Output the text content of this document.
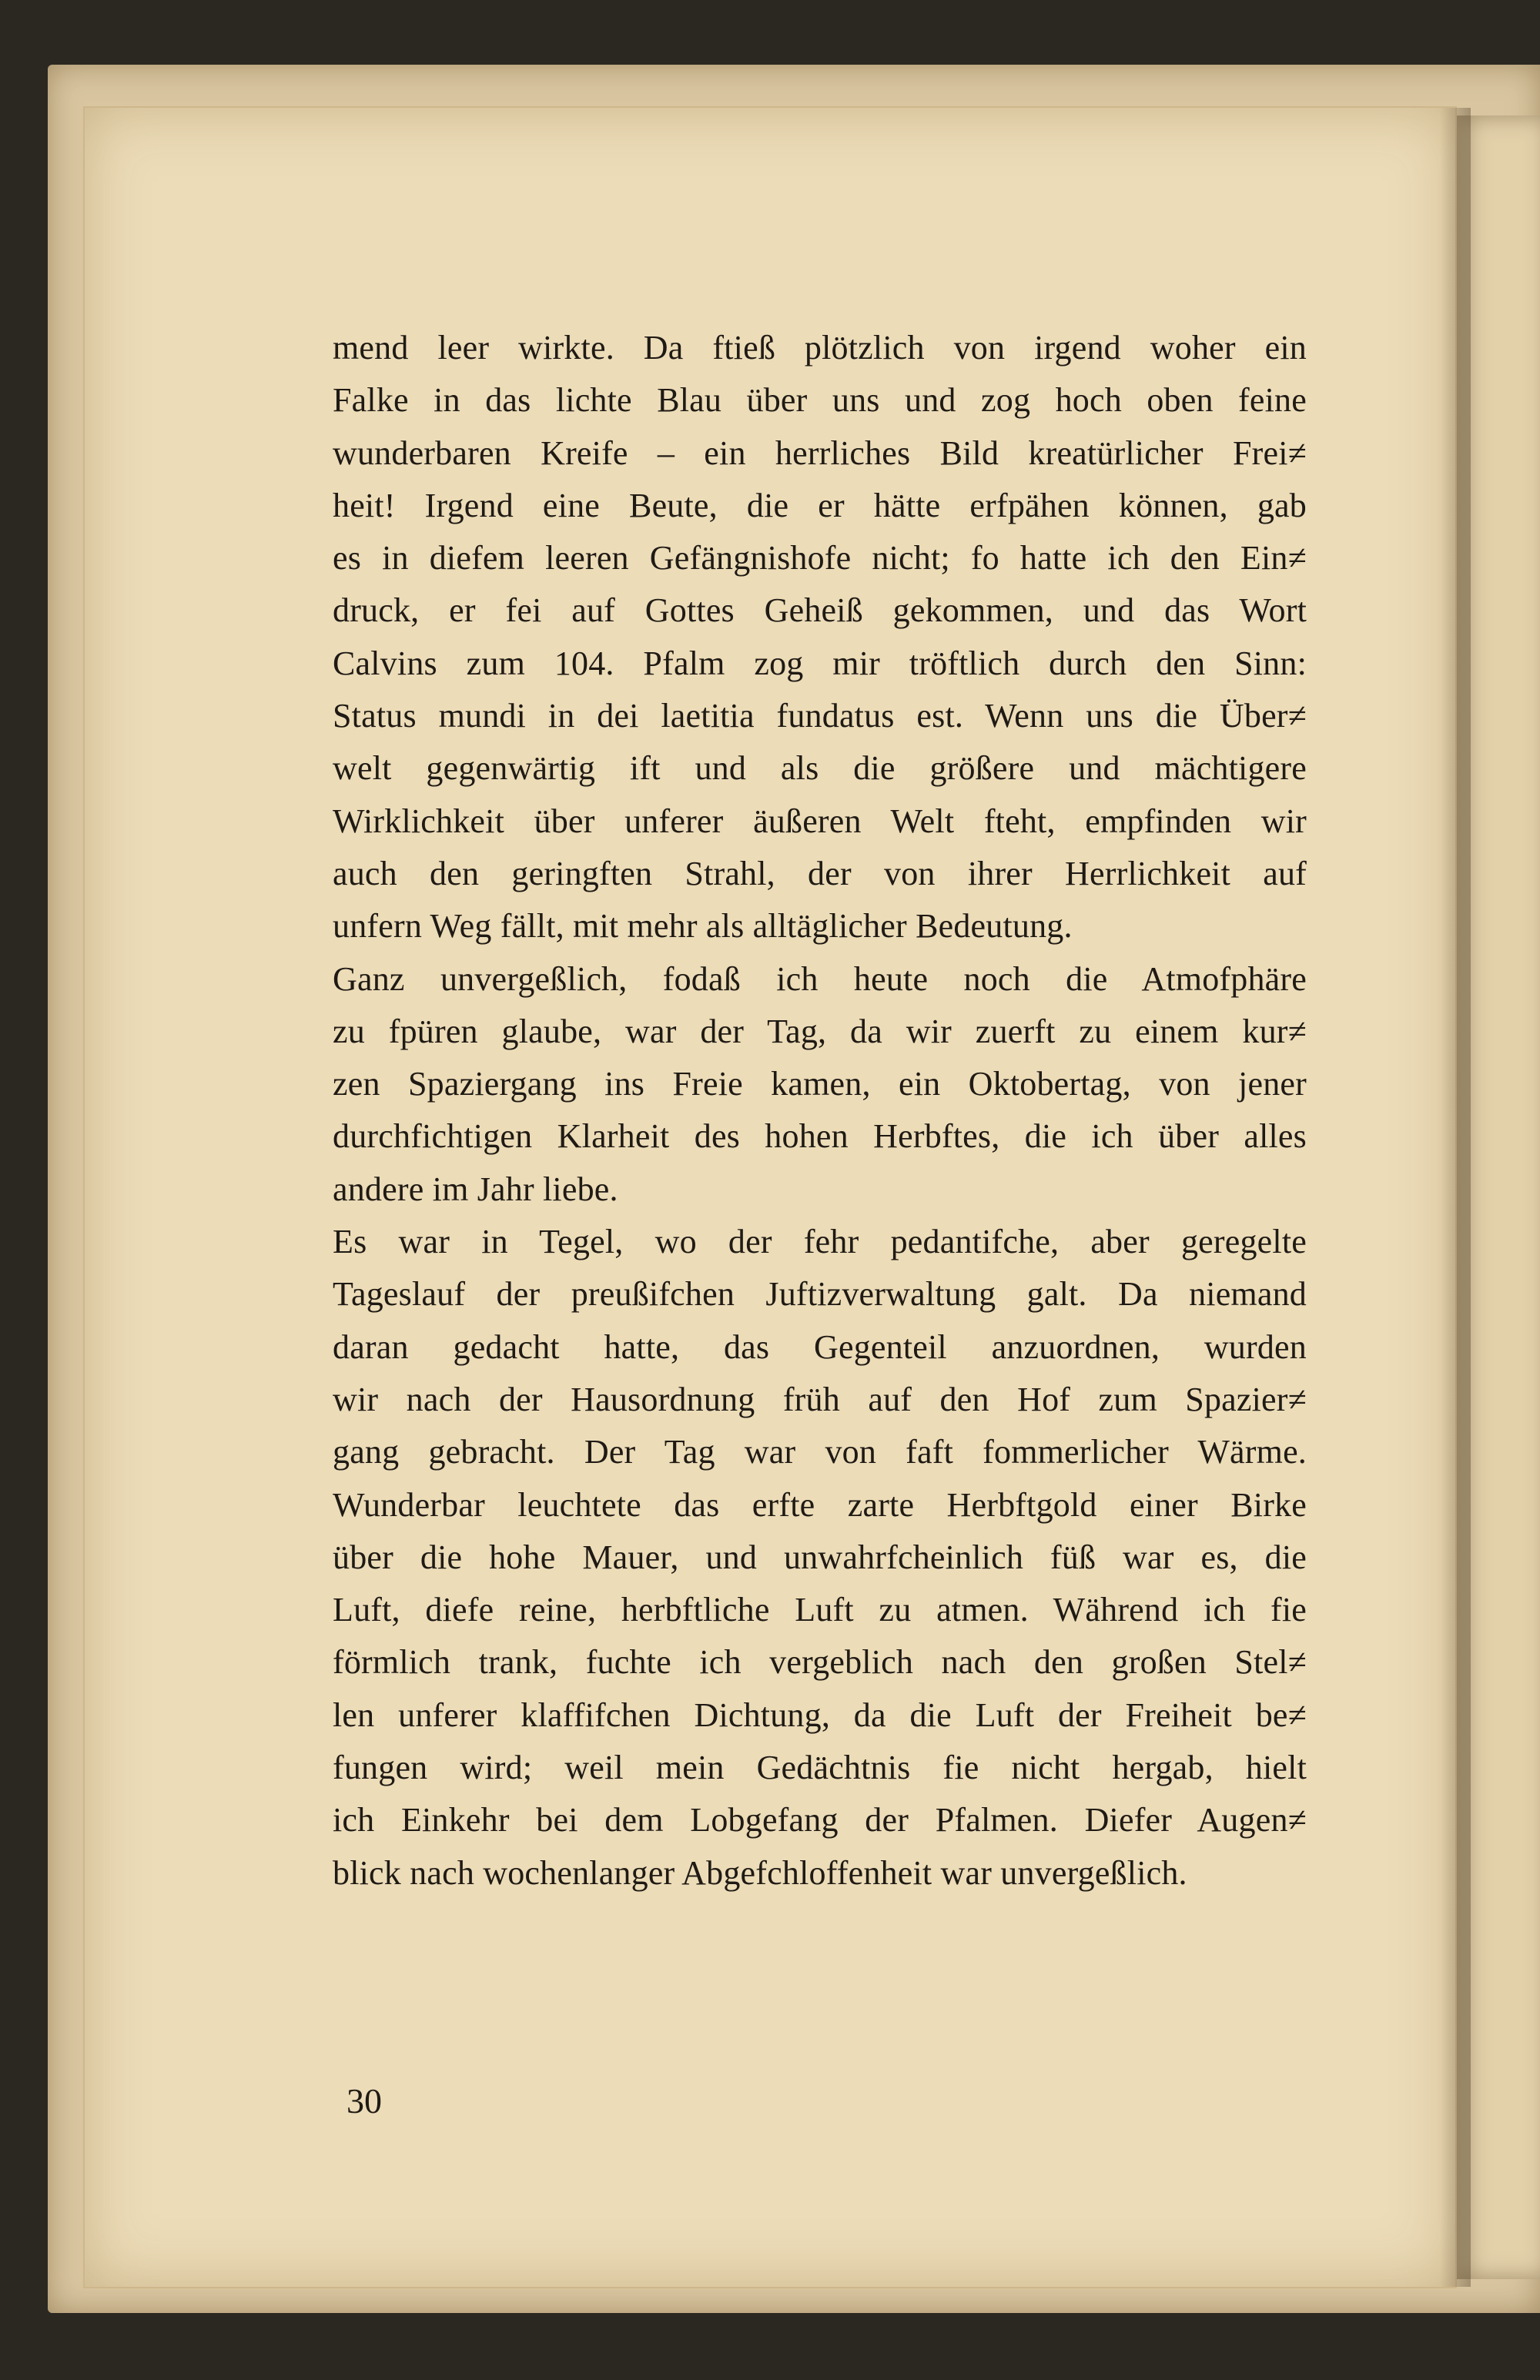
mend leer wirkte. Da ftieß plötzlich von irgend woher ein
Falke in das lichte Blau über uns und zog hoch oben feine
wunderbaren Kreife – ein herrliches Bild kreatürlicher Frei≠
heit! Irgend eine Beute, die er hätte erfpähen können, gab
es in diefem leeren Gefängnishofe nicht; fo hatte ich den Ein≠
druck, er fei auf Gottes Geheiß gekommen, und das Wort
Calvins zum 104. Pfalm zog mir tröftlich durch den Sinn:
Status mundi in dei laetitia fundatus est. Wenn uns die Über≠
welt gegenwärtig ift und als die größere und mächtigere
Wirklichkeit über unferer äußeren Welt fteht, empfinden wir
auch den geringften Strahl, der von ihrer Herrlichkeit auf
unfern Weg fällt, mit mehr als alltäglicher Bedeutung.
Ganz unvergeßlich, fodaß ich heute noch die Atmofphäre
zu fpüren glaube, war der Tag, da wir zuerft zu einem kur≠
zen Spaziergang ins Freie kamen, ein Oktobertag, von jener
durchfichtigen Klarheit des hohen Herbftes, die ich über alles
andere im Jahr liebe.
Es war in Tegel, wo der fehr pedantifche, aber geregelte
Tageslauf der preußifchen Juftizverwaltung galt. Da niemand
daran gedacht hatte, das Gegenteil anzuordnen, wurden
wir nach der Hausordnung früh auf den Hof zum Spazier≠
gang gebracht. Der Tag war von faft fommerlicher Wärme.
Wunderbar leuchtete das erfte zarte Herbftgold einer Birke
über die hohe Mauer, und unwahrfcheinlich füß war es, die
Luft, diefe reine, herbftliche Luft zu atmen. Während ich fie
förmlich trank, fuchte ich vergeblich nach den großen Stel≠
len unferer klaffifchen Dichtung, da die Luft der Freiheit be≠
fungen wird; weil mein Gedächtnis fie nicht hergab, hielt
ich Einkehr bei dem Lobgefang der Pfalmen. Diefer Augen≠
blick nach wochenlanger Abgefchloffenheit war unvergeßlich.
30
